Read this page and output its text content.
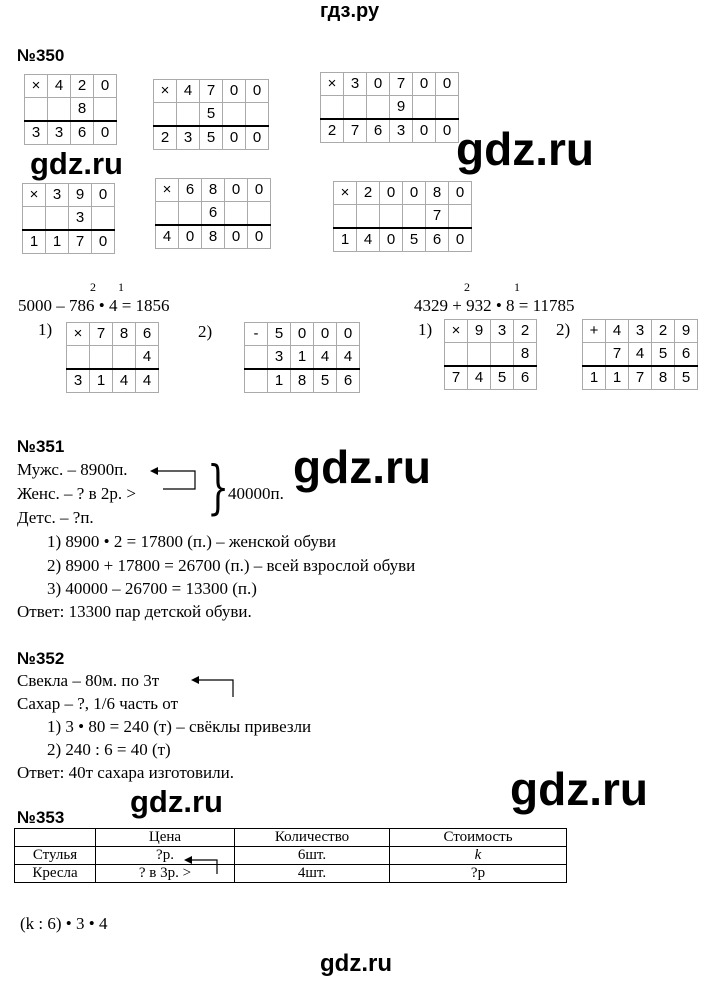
гдз.ру
№350
×	4	2	0
		8	
3	3	6	0
×	4	7	0	0
		5		
2	3	5	0	0
×	3	0	7	0	0
			9		
2	7	6	3	0	0
×	3	9	0
		3	
1	1	7	0
×	6	8	0	0
		6		
4	0	8	0	0
×	2	0	0	8	0
				7	
1	4	0	5	6	0
×	7	8	6
			4
3	1	4	4
-	5	0	0	0
	3	1	4	4
	1	8	5	6
×	9	3	2
			8
7	4	5	6
+	4	3	2	9
	7	4	5	6
1	1	7	8	5
2 1
5000 – 786 • 4 = 1856
1)	2)
2	1
4329 + 932 • 8 = 11785
1)	2)
№351
Мужс. – 8900п.
Женс. – ? в 2р. >
Детс. – ?п. }
40000п.
1) 8900 • 2 = 17800 (п.) – женской обуви
2) 8900 + 17800 = 26700 (п.) – всей взрослой обуви
3) 40000 – 26700 = 13300 (п.)
Ответ: 13300 пар детской обуви.
№352
Свекла – 80м. по 3т
Сахар – ?, 1/6 часть от
1) 3 • 80 = 240 (т) – свёклы привезли
2) 240 : 6 = 40 (т)
Ответ: 40т сахара изготовили.
№353
	Цена	Количество	Стоимость
Стулья	?р.	6шт.	k
Кресла	? в 3р. >	4шт.	?р
(k : 6) • 3 • 4
gdz.ru	gdz.ru
gdz.ru
gdz.ru
gdz.ru
gdz.ru
